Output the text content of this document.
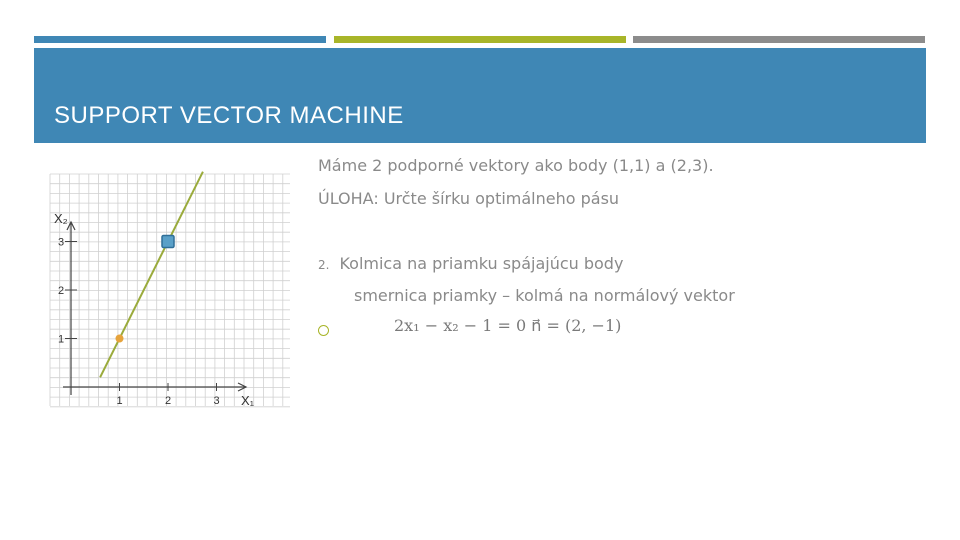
SUPPORT VECTOR MACHINE
1	2	3
1
2
3
X₁
X₂
Máme 2 podporné vektory ako body (1,1) a (2,3).
ÚLOHA: Určte šírku optimálneho pásu
2. Kolmica na priamku spájajúcu body
smernica priamky – kolmá na normálový vektor
2x₁ − x₂ − 1 = 0 n⃗ = (2, −1)
